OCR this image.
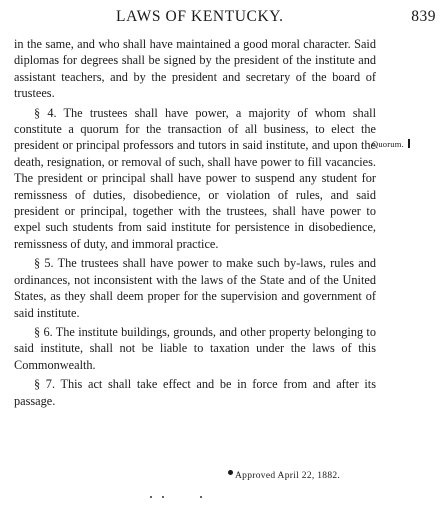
LAWS OF KENTUCKY.	839

in the same, and who shall have maintained a good moral character. Said diplomas for degrees shall be signed by the president of the institute and assistant teachers, and by the president and secretary of the board of trustees.

§ 4. The trustees shall have power, a majority of whom shall constitute a quorum for the transaction of all business, to elect the president or principal professors and tutors in said institute, and upon the death, resignation, or removal of such, shall have power to fill vacancies. The president or principal shall have power to suspend any student for remissness of duties, disobedience, or violation of rules, and said president or principal, together with the trustees, shall have power to expel such students from said institute for persistence in disobedience, remissness of duty, and immoral practice.

§ 5. The trustees shall have power to make such by-laws, rules and ordinances, not inconsistent with the laws of the State and of the United States, as they shall deem proper for the supervision and government of said institute.

§ 6. The institute buildings, grounds, and other property belonging to said institute, shall not be liable to taxation under the laws of this Commonwealth.

§ 7. This act shall take effect and be in force from and after its passage.

Quorum.
Approved April 22, 1882.
